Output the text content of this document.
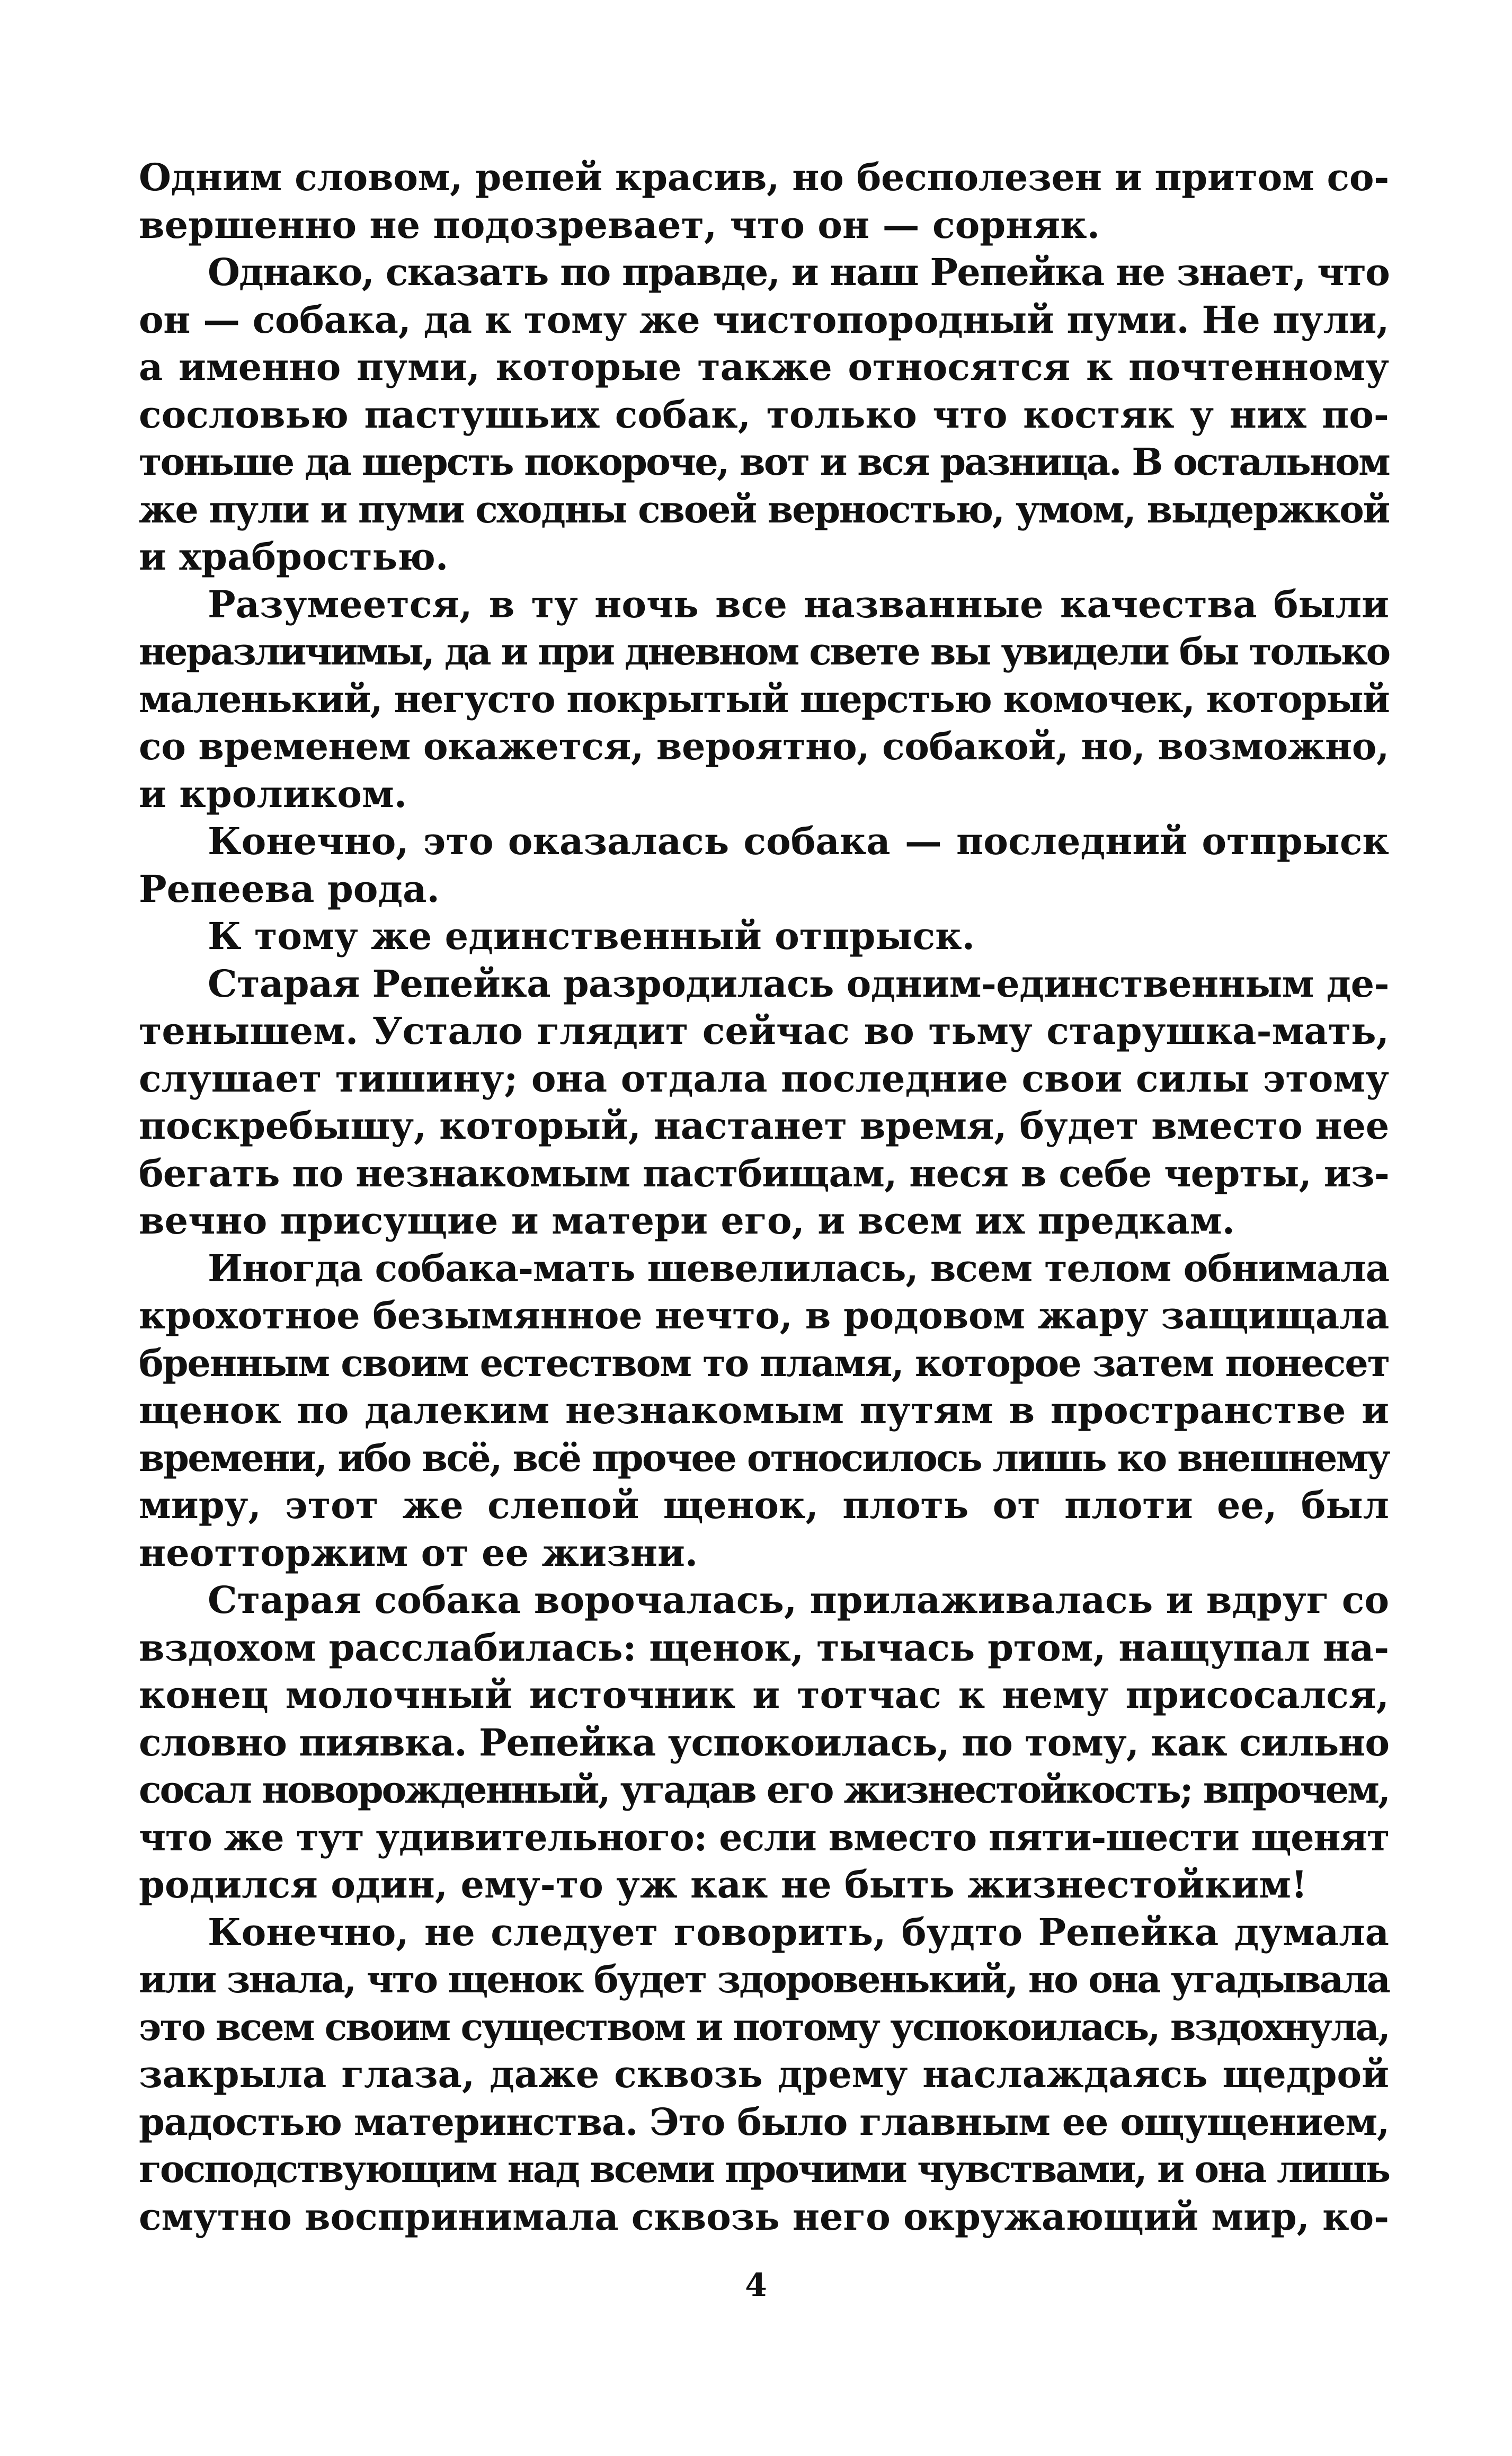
Одним словом, репей красив, но бесполезен и притом со-
вершенно не подозревает, что он — сорняк.
Однако, сказать по правде, и наш Репейка не знает, что
он — собака, да к тому же чистопородный пуми. Не пули,
а именно пуми, которые также относятся к почтенному
сословью пастушьих собак, только что костяк у них по-
тоньше да шерсть покороче, вот и вся разница. В остальном
же пули и пуми сходны своей верностью, умом, выдержкой
и храбростью.
Разумеется, в ту ночь все названные качества были
неразличимы, да и при дневном свете вы увидели бы только
маленький, негусто покрытый шерстью комочек, который
со временем окажется, вероятно, собакой, но, возможно,
и кроликом.
Конечно, это оказалась собака — последний отпрыск
Репеева рода.
К тому же единственный отпрыск.
Старая Репейка разродилась одним-единственным де-
тенышем. Устало глядит сейчас во тьму старушка-мать,
слушает тишину; она отдала последние свои силы этому
поскребышу, который, настанет время, будет вместо нее
бегать по незнакомым пастбищам, неся в себе черты, из-
вечно присущие и матери его, и всем их предкам.
Иногда собака-мать шевелилась, всем телом обнимала
крохотное безымянное нечто, в родовом жару защищала
бренным своим естеством то пламя, которое затем понесет
щенок по далеким незнакомым путям в пространстве и
времени, ибо всё, всё прочее относилось лишь ко внешнему
миру, этот же слепой щенок, плоть от плоти ее, был
неотторжим от ее жизни.
Старая собака ворочалась, прилаживалась и вдруг со
вздохом расслабилась: щенок, тычась ртом, нащупал на-
конец молочный источник и тотчас к нему присосался,
словно пиявка. Репейка успокоилась, по тому, как сильно
сосал новорожденный, угадав его жизнестойкость; впрочем,
что же тут удивительного: если вместо пяти-шести щенят
родился один, ему-то уж как не быть жизнестойким!
Конечно, не следует говорить, будто Репейка думала
или знала, что щенок будет здоровенький, но она угадывала
это всем своим существом и потому успокоилась, вздохнула,
закрыла глаза, даже сквозь дрему наслаждаясь щедрой
радостью материнства. Это было главным ее ощущением,
господствующим над всеми прочими чувствами, и она лишь
смутно воспринимала сквозь него окружающий мир, ко-
4
